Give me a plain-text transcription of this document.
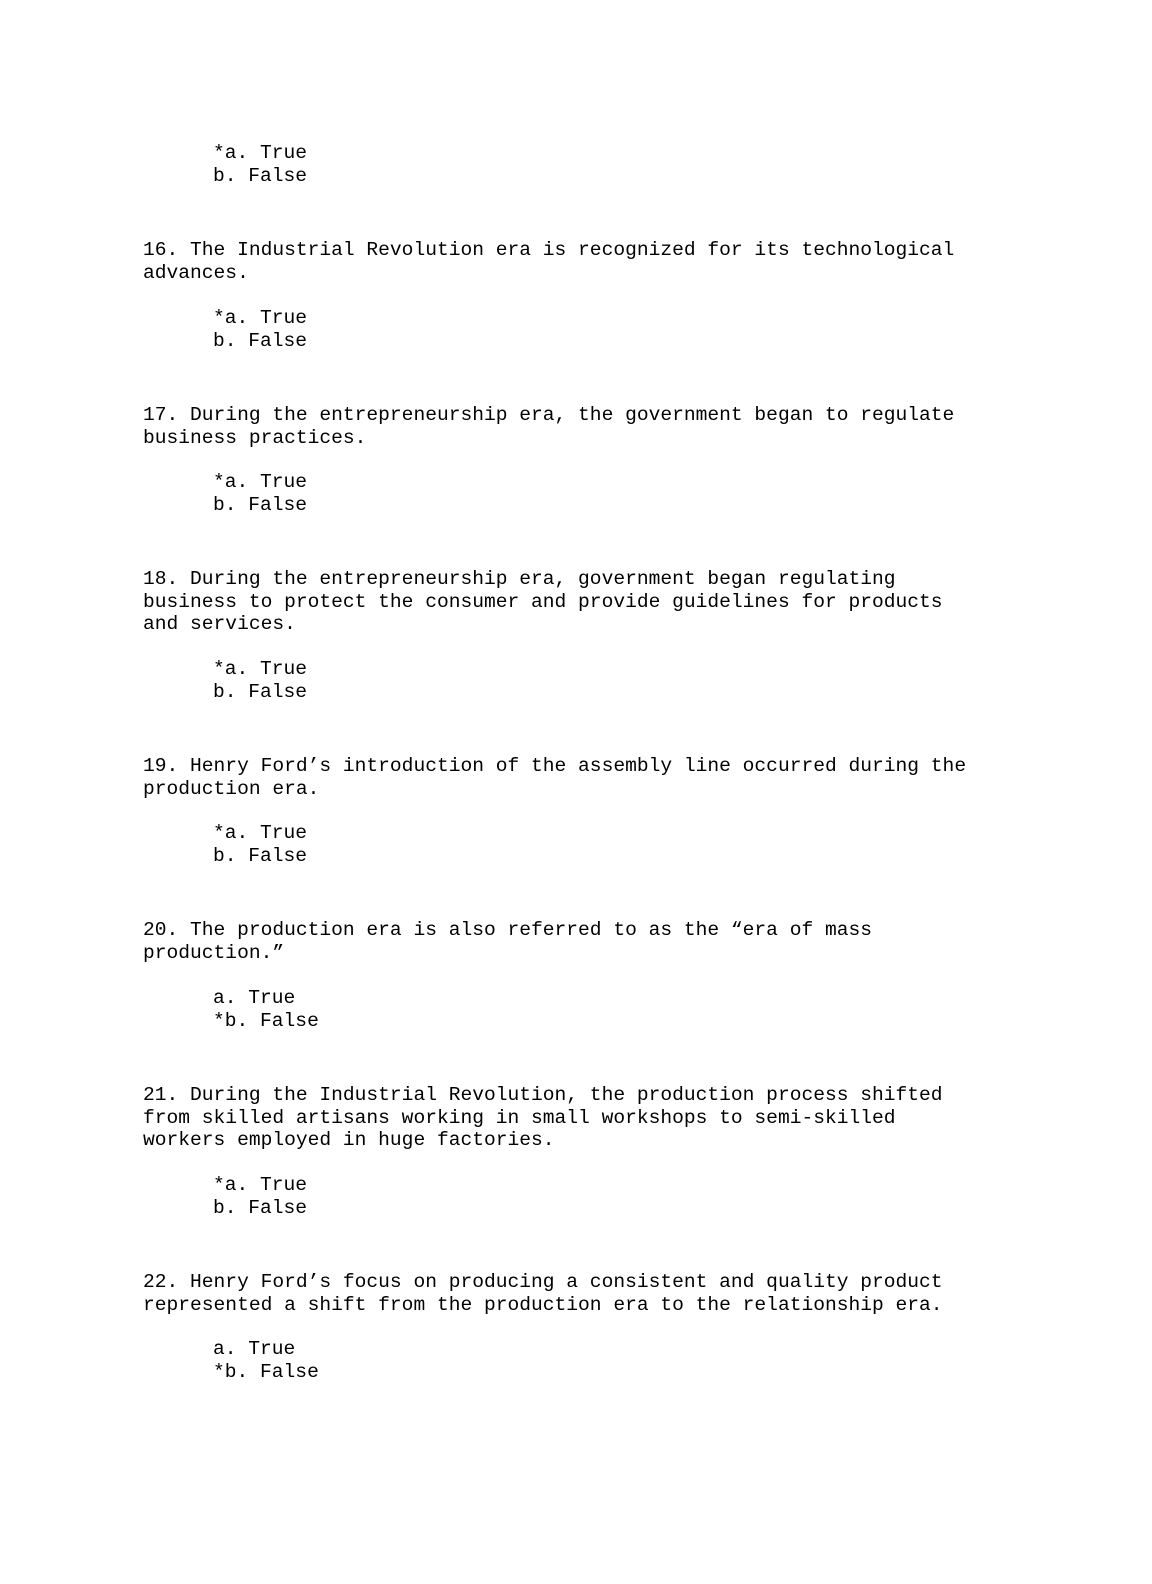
*a. True
b. False
16. The Industrial Revolution era is recognized for its technological
advances.
*a. True
b. False
17. During the entrepreneurship era, the government began to regulate
business practices.
*a. True
b. False
18. During the entrepreneurship era, government began regulating
business to protect the consumer and provide guidelines for products
and services.
*a. True
b. False
19. Henry Ford’s introduction of the assembly line occurred during the
production era.
*a. True
b. False
20. The production era is also referred to as the “era of mass
production.”
a. True
*b. False
21. During the Industrial Revolution, the production process shifted
from skilled artisans working in small workshops to semi-skilled
workers employed in huge factories.
*a. True
b. False
22. Henry Ford’s focus on producing a consistent and quality product
represented a shift from the production era to the relationship era.
a. True
*b. False
